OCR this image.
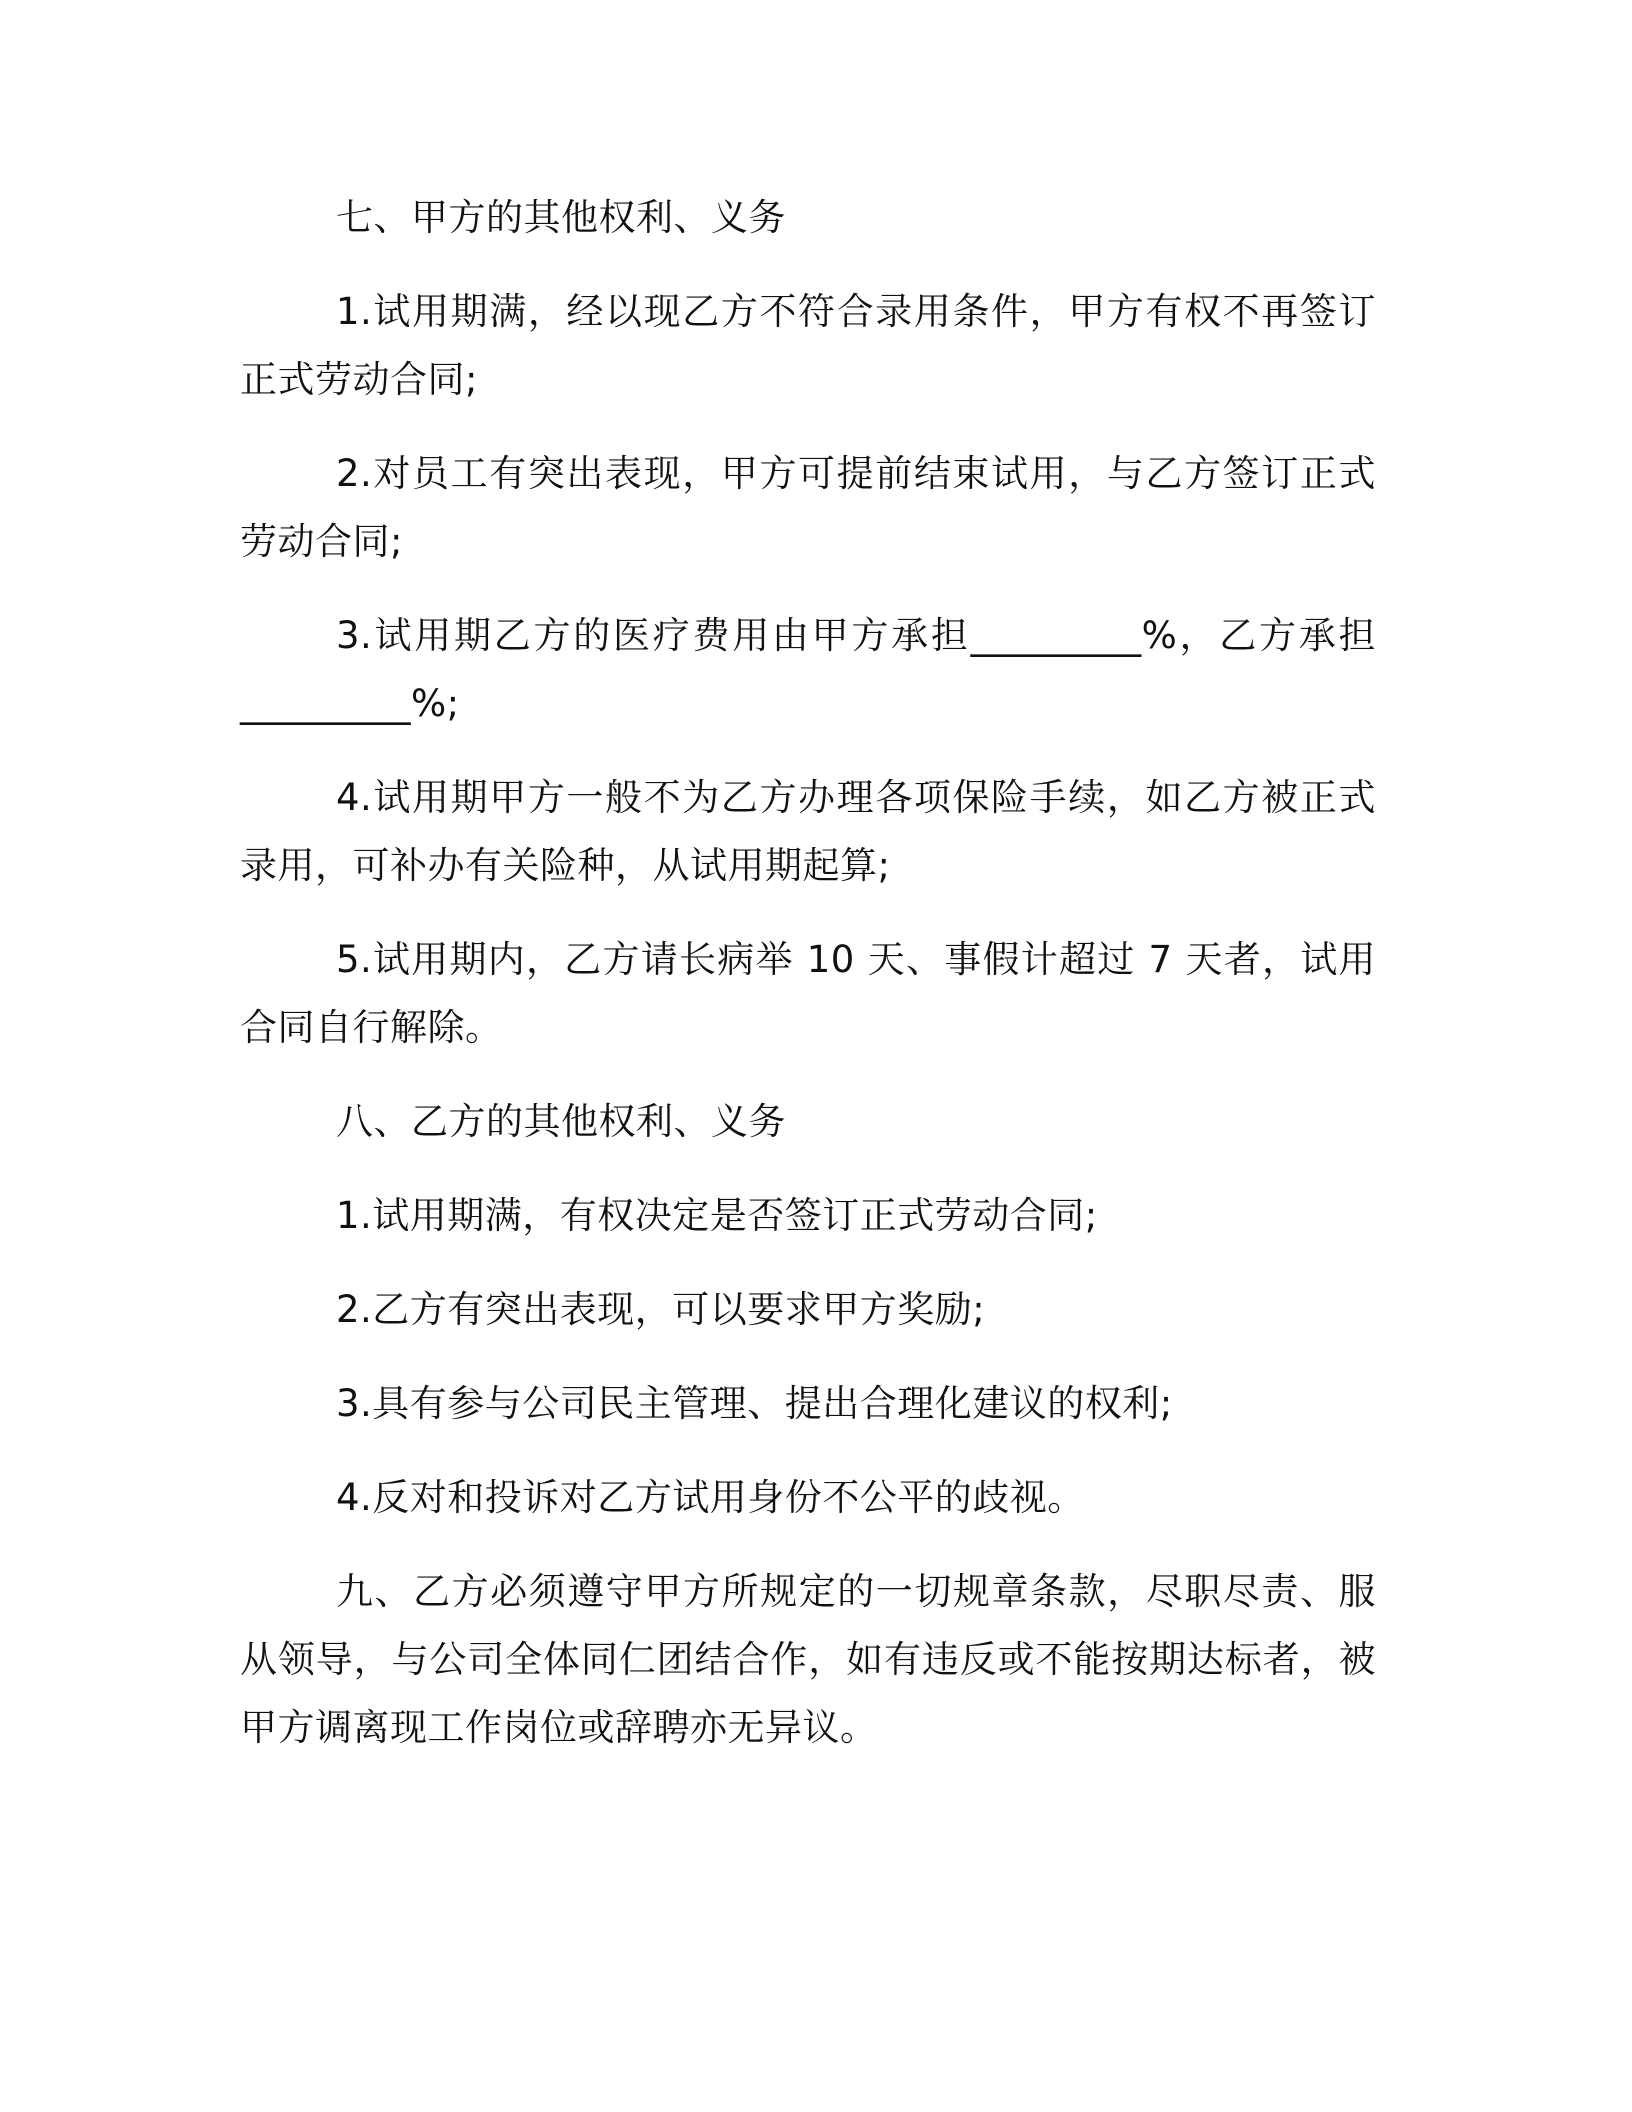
七、甲方的其他权利、义务

1.试用期满，经以现乙方不符合录用条件，甲方有权不再签订正式劳动合同;

2.对员工有突出表现，甲方可提前结束试用，与乙方签订正式劳动合同;

3.试用期乙方的医疗费用由甲方承担_________%，乙方承担_________%;

4.试用期甲方一般不为乙方办理各项保险手续，如乙方被正式录用，可补办有关险种，从试用期起算;

5.试用期内，乙方请长病举 10 天、事假计超过 7 天者，试用合同自行解除。

八、乙方的其他权利、义务

1.试用期满，有权决定是否签订正式劳动合同;

2.乙方有突出表现，可以要求甲方奖励;

3.具有参与公司民主管理、提出合理化建议的权利;

4.反对和投诉对乙方试用身份不公平的歧视。

九、乙方必须遵守甲方所规定的一切规章条款，尽职尽责、服从领导，与公司全体同仁团结合作，如有违反或不能按期达标者，被甲方调离现工作岗位或辞聘亦无异议。
